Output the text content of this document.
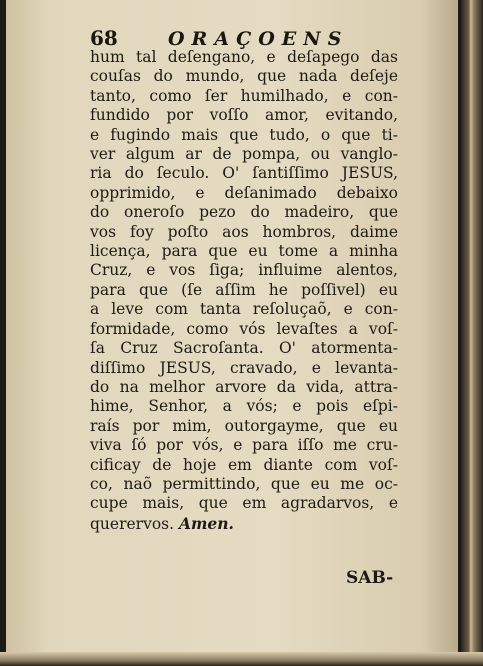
68	ORAÇOENS
hum tal deſengano, e deſapego das
couſas do mundo, que nada deſeje
tanto, como ſer humilhado, e con-
fundido por voſſo amor, evitando,
e fugindo mais que tudo, o que ti-
ver algum ar de pompa, ou vanglo-
ria do ſeculo. O' ſantiſſimo JESUS,
opprimido, e deſanimado debaixo
do oneroſo pezo do madeiro, que
vos foy poſto aos hombros, daime
licença, para que eu tome a minha
Cruz, e vos ſiga; influime alentos,
para que (ſe aſſim he poſſivel) eu
a leve com tanta reſoluçaõ, e con-
formidade, como vós levaſtes a voſ-
ſa Cruz Sacroſanta. O' atormenta-
diſſimo JESUS, cravado, e levanta-
do na melhor arvore da vida, attra-
hime, Senhor, a vós; e pois eſpi-
raís por mim, outorgayme, que eu
viva ſó por vós, e para iſſo me cru-
cificay de hoje em diante com voſ-
co, naõ permittindo, que eu me oc-
cupe mais, que em agradarvos, e
querervos. Amen.
SAB-
